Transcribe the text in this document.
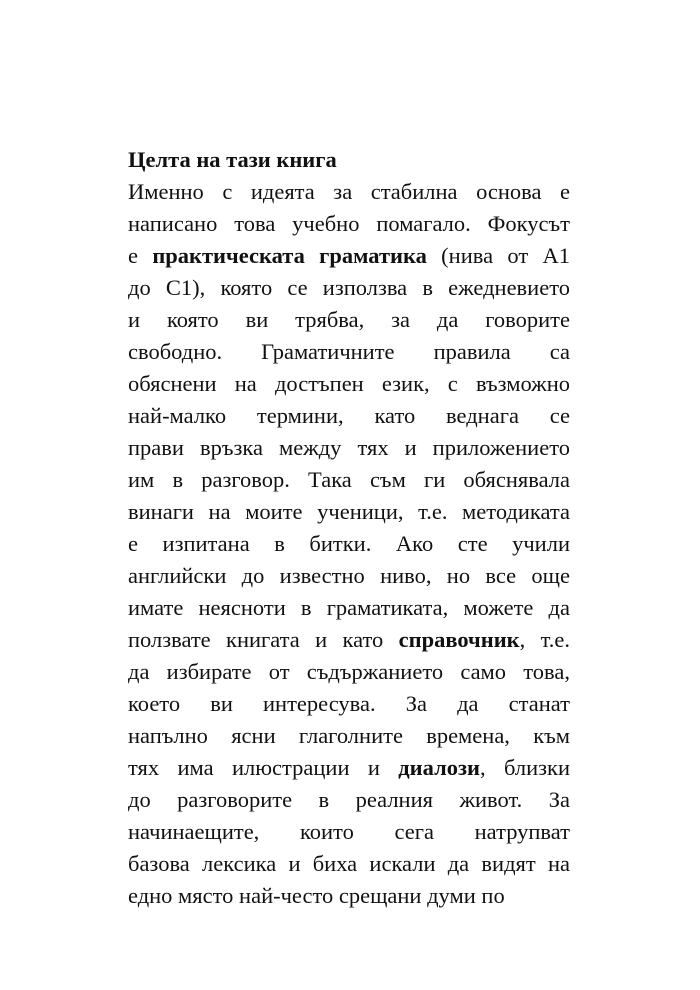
Целта на тази книга
Именно с идеята за стабилна основа е
написано това учебно помагало. Фокусът
е практическата граматика (нива от А1
до С1), която се използва в ежедневието
и която ви трябва, за да говорите
свободно. Граматичните правила са
обяснени на достъпен език, с възможно
най-малко термини, като веднага се
прави връзка между тях и приложението
им в разговор. Така съм ги обяснявала
винаги на моите ученици, т.е. методиката
е изпитана в битки. Ако сте учили
английски до известно ниво, но все още
имате неясноти в граматиката, можете да
ползвате книгата и като справочник, т.е.
да избирате от съдържанието само това,
което ви интересува. За да станат
напълно ясни глаголните времена, към
тях има илюстрации и диалози, близки
до разговорите в реалния живот. За
начинаещите, които сега натрупват
базова лексика и биха искали да видят на
едно място най-често срещани думи по
